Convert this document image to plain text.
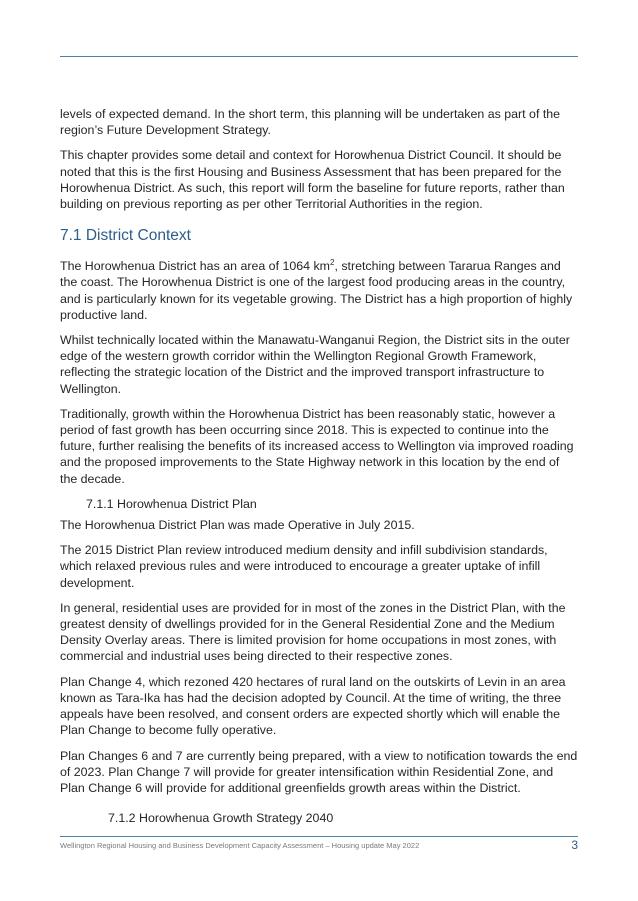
levels of expected demand. In the short term, this planning will be undertaken as part of the region’s Future Development Strategy.

This chapter provides some detail and context for Horowhenua District Council. It should be noted that this is the first Housing and Business Assessment that has been prepared for the Horowhenua District. As such, this report will form the baseline for future reports, rather than building on previous reporting as per other Territorial Authorities in the region.

7.1 District Context

The Horowhenua District has an area of 1064 $km^2$, stretching between Tararua Ranges and the coast. The Horowhenua District is one of the largest food producing areas in the country, and is particularly known for its vegetable growing. The District has a high proportion of highly productive land.

Whilst technically located within the Manawatu-Wanganui Region, the District sits in the outer edge of the western growth corridor within the Wellington Regional Growth Framework, reflecting the strategic location of the District and the improved transport infrastructure to Wellington.

Traditionally, growth within the Horowhenua District has been reasonably static, however a period of fast growth has been occurring since 2018. This is expected to continue into the future, further realising the benefits of its increased access to Wellington via improved roading and the proposed improvements to the State Highway network in this location by the end of the decade.

7.1.1 Horowhenua District Plan

The Horowhenua District Plan was made Operative in July 2015.

The 2015 District Plan review introduced medium density and infill subdivision standards, which relaxed previous rules and were introduced to encourage a greater uptake of infill development.

In general, residential uses are provided for in most of the zones in the District Plan, with the greatest density of dwellings provided for in the General Residential Zone and the Medium Density Overlay areas. There is limited provision for home occupations in most zones, with commercial and industrial uses being directed to their respective zones.

Plan Change 4, which rezoned 420 hectares of rural land on the outskirts of Levin in an area known as Tara-Ika has had the decision adopted by Council. At the time of writing, the three appeals have been resolved, and consent orders are expected shortly which will enable the Plan Change to become fully operative.

Plan Changes 6 and 7 are currently being prepared, with a view to notification towards the end of 2023. Plan Change 7 will provide for greater intensification within Residential Zone, and Plan Change 6 will provide for additional greenfields growth areas within the District.

7.1.2 Horowhenua Growth Strategy 2040
Wellington Regional Housing and Business Development Capacity Assessment – Housing update May 2022	3
